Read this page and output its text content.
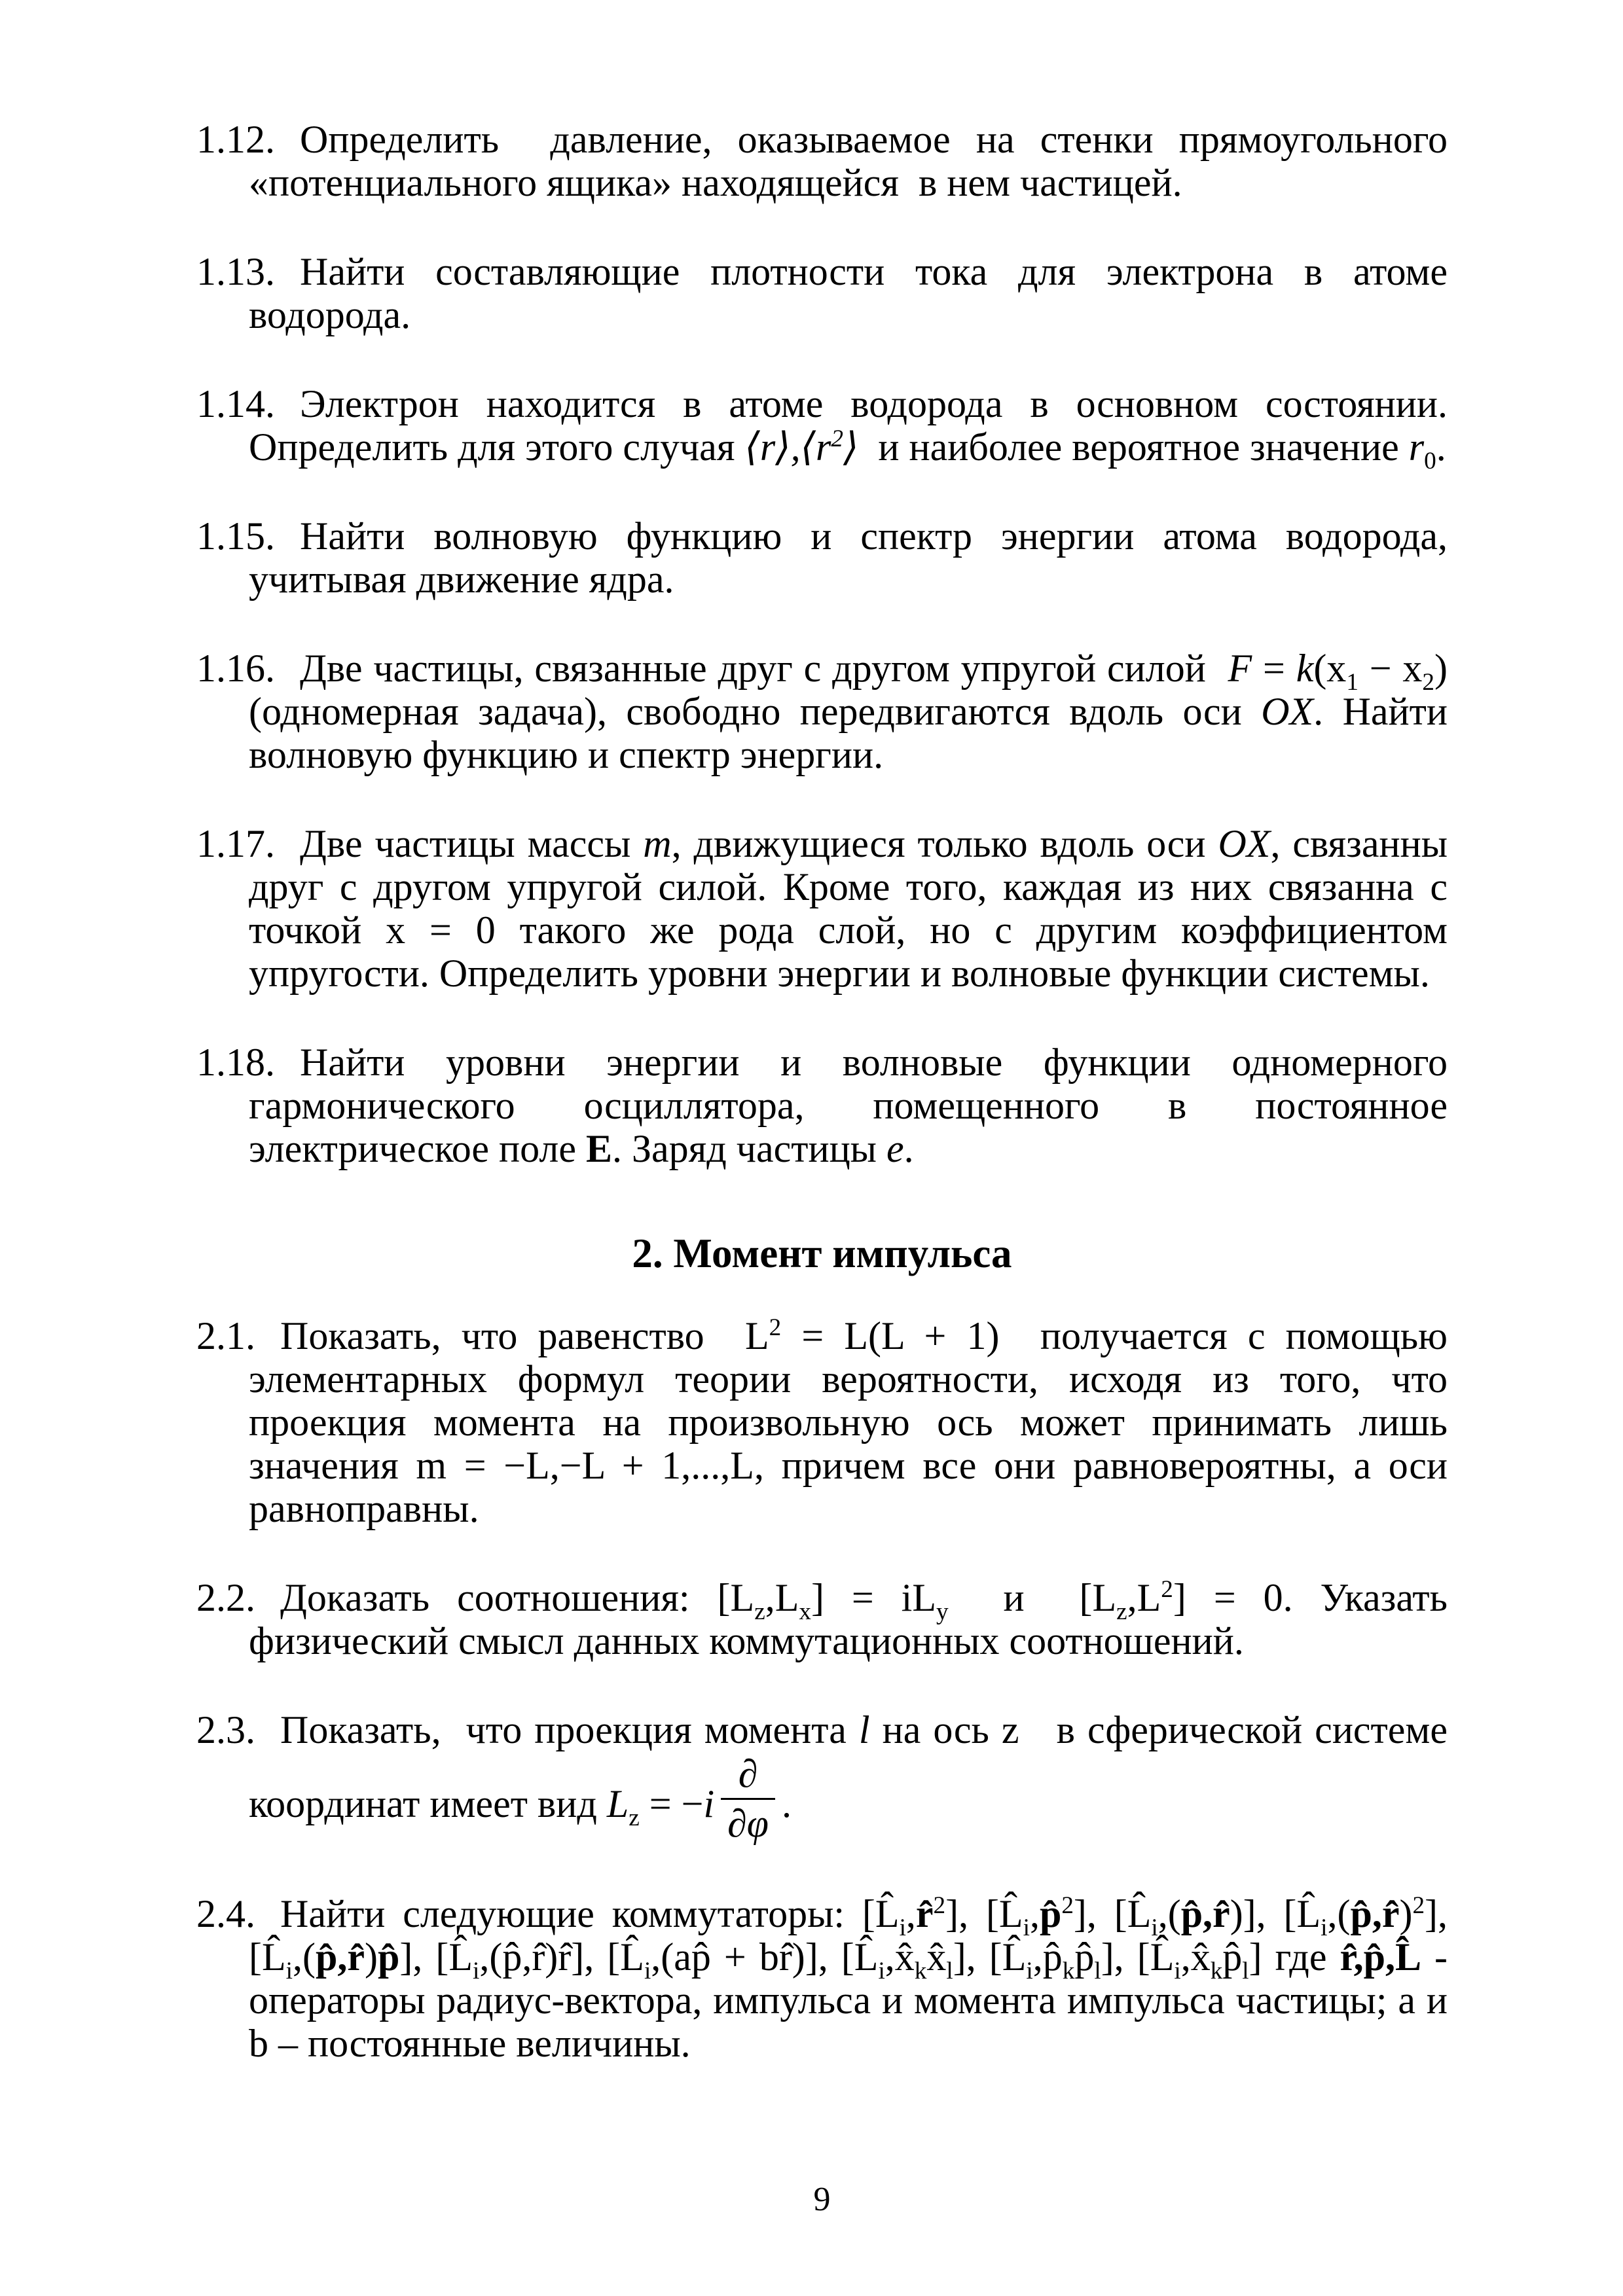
1.12. Определить  давление, оказываемое на стенки прямоугольного «потенциального ящика» находящейся  в нем частицей.

1.13. Найти составляющие плотности тока для электрона в атоме водорода.

1.14. Электрон находится в атоме водорода в основном состоянии. Определить для этого случая $⟨r⟩,⟨r^2⟩$  и наиболее вероятное значение $r_0$.

1.15. Найти волновую функцию и спектр энергии атома водорода, учитывая движение ядра.

1.16. Две частицы, связанные друг с другом упругой силой  $F = k(x_1 - x_2)$ (одномерная задача), свободно передвигаются вдоль оси OX. Найти волновую функцию и спектр энергии.

1.17. Две частицы массы m, движущиеся только вдоль оси OX, связанны друг с другом упругой силой. Кроме того, каждая из них связанна с точкой x = 0 такого же рода слой, но с другим коэффициентом упругости. Определить уровни энергии и волновые функции системы.

1.18. Найти уровни энергии и волновые функции одномерного гармонического осциллятора, помещенного в постоянное электрическое поле E. Заряд частицы e.

2. Момент импульса

2.1. Показать, что равенство  $L^2 = L(L + 1)$  получается с помощью элементарных формул теории вероятности, исходя из того, что проекция момента на произвольную ось может принимать лишь значения m = −L,−L + 1,...,L, причем все они равновероятны, а оси равноправны.

2.2. Доказать соотношения: $[L_z,L_x] = iL_y$  и  $[L_z,L^2] = 0$. Указать физический смысл данных коммутационных соотношений.

2.3. Показать,  что проекция момента l на ось z   в сферической системе координат имеет вид $L_z = -i \frac{\partial}{\partial\varphi}$ .

2.4. Найти следующие коммутаторы: $[L̂_i,r̂^2]$, $[L̂_i,p̂^2]$, $[L̂_i,(p̂,r̂)]$, $[L̂_i,(p̂,r̂)^2]$, $[L̂_i,(p̂,r̂)p̂]$, $[L̂_i,(p̂,r̂)r̂]$, [$L̂_i,(ap̂$ + br̂)], $[L̂_i,x̂_kx̂_l]$, $[L̂_i,p̂_kp̂_l]$, $[L̂_i,x̂_kp̂_l]$ где r̂,p̂,L̂ - операторы радиус-вектора, импульса и момента импульса частицы; а и b – постоянные величины.

9
